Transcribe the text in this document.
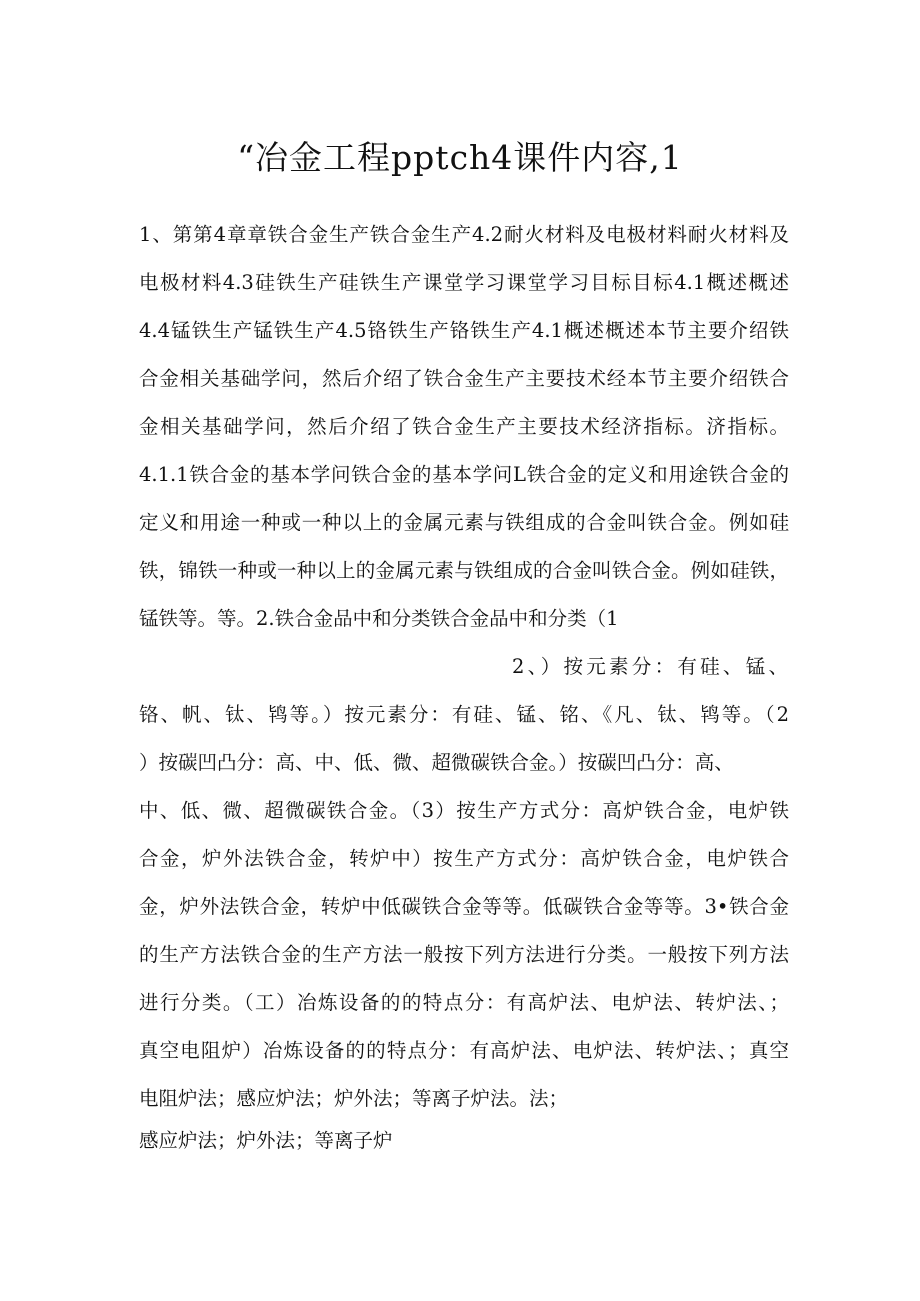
“冶金工程pptch4课件内容,1
1、第第4章章铁合金生产铁合金生产4.2耐火材料及电极材料耐火材料及
电极材料4.3硅铁生产硅铁生产课堂学习课堂学习目标目标4.1概述概述
4.4锰铁生产锰铁生产4.5铬铁生产铬铁生产4.1概述概述本节主要介绍铁
合金相关基础学问，然后介绍了铁合金生产主要技术经本节主要介绍铁合
金相关基础学问，然后介绍了铁合金生产主要技术经济指标。济指标。
4.1.1铁合金的基本学问铁合金的基本学问L铁合金的定义和用途铁合金的
定义和用途一种或一种以上的金属元素与铁组成的合金叫铁合金。例如硅
铁，锦铁一种或一种以上的金属元素与铁组成的合金叫铁合金。例如硅铁，
锰铁等。等。2.铁合金品中和分类铁合金品中和分类（1
2、）按元素分：有硅、锰、
铬、帆、钛、鸨等。）按元素分：有硅、锰、铭、《凡、钛、鸨等。（2
）按碳凹凸分：高、中、低、微、超微碳铁合金。）按碳凹凸分：高、
中、低、微、超微碳铁合金。（3）按生产方式分：高炉铁合金，电炉铁
合金，炉外法铁合金，转炉中）按生产方式分：高炉铁合金，电炉铁合
金，炉外法铁合金，转炉中低碳铁合金等等。低碳铁合金等等。3•铁合金
的生产方法铁合金的生产方法一般按下列方法进行分类。一般按下列方法
进行分类。（工）冶炼设备的的特点分：有高炉法、电炉法、转炉法、；
真空电阻炉）冶炼设备的的特点分：有高炉法、电炉法、转炉法、；真空
电阻炉法；感应炉法；炉外法；等离子炉法。法；
感应炉法；炉外法；等离子炉
